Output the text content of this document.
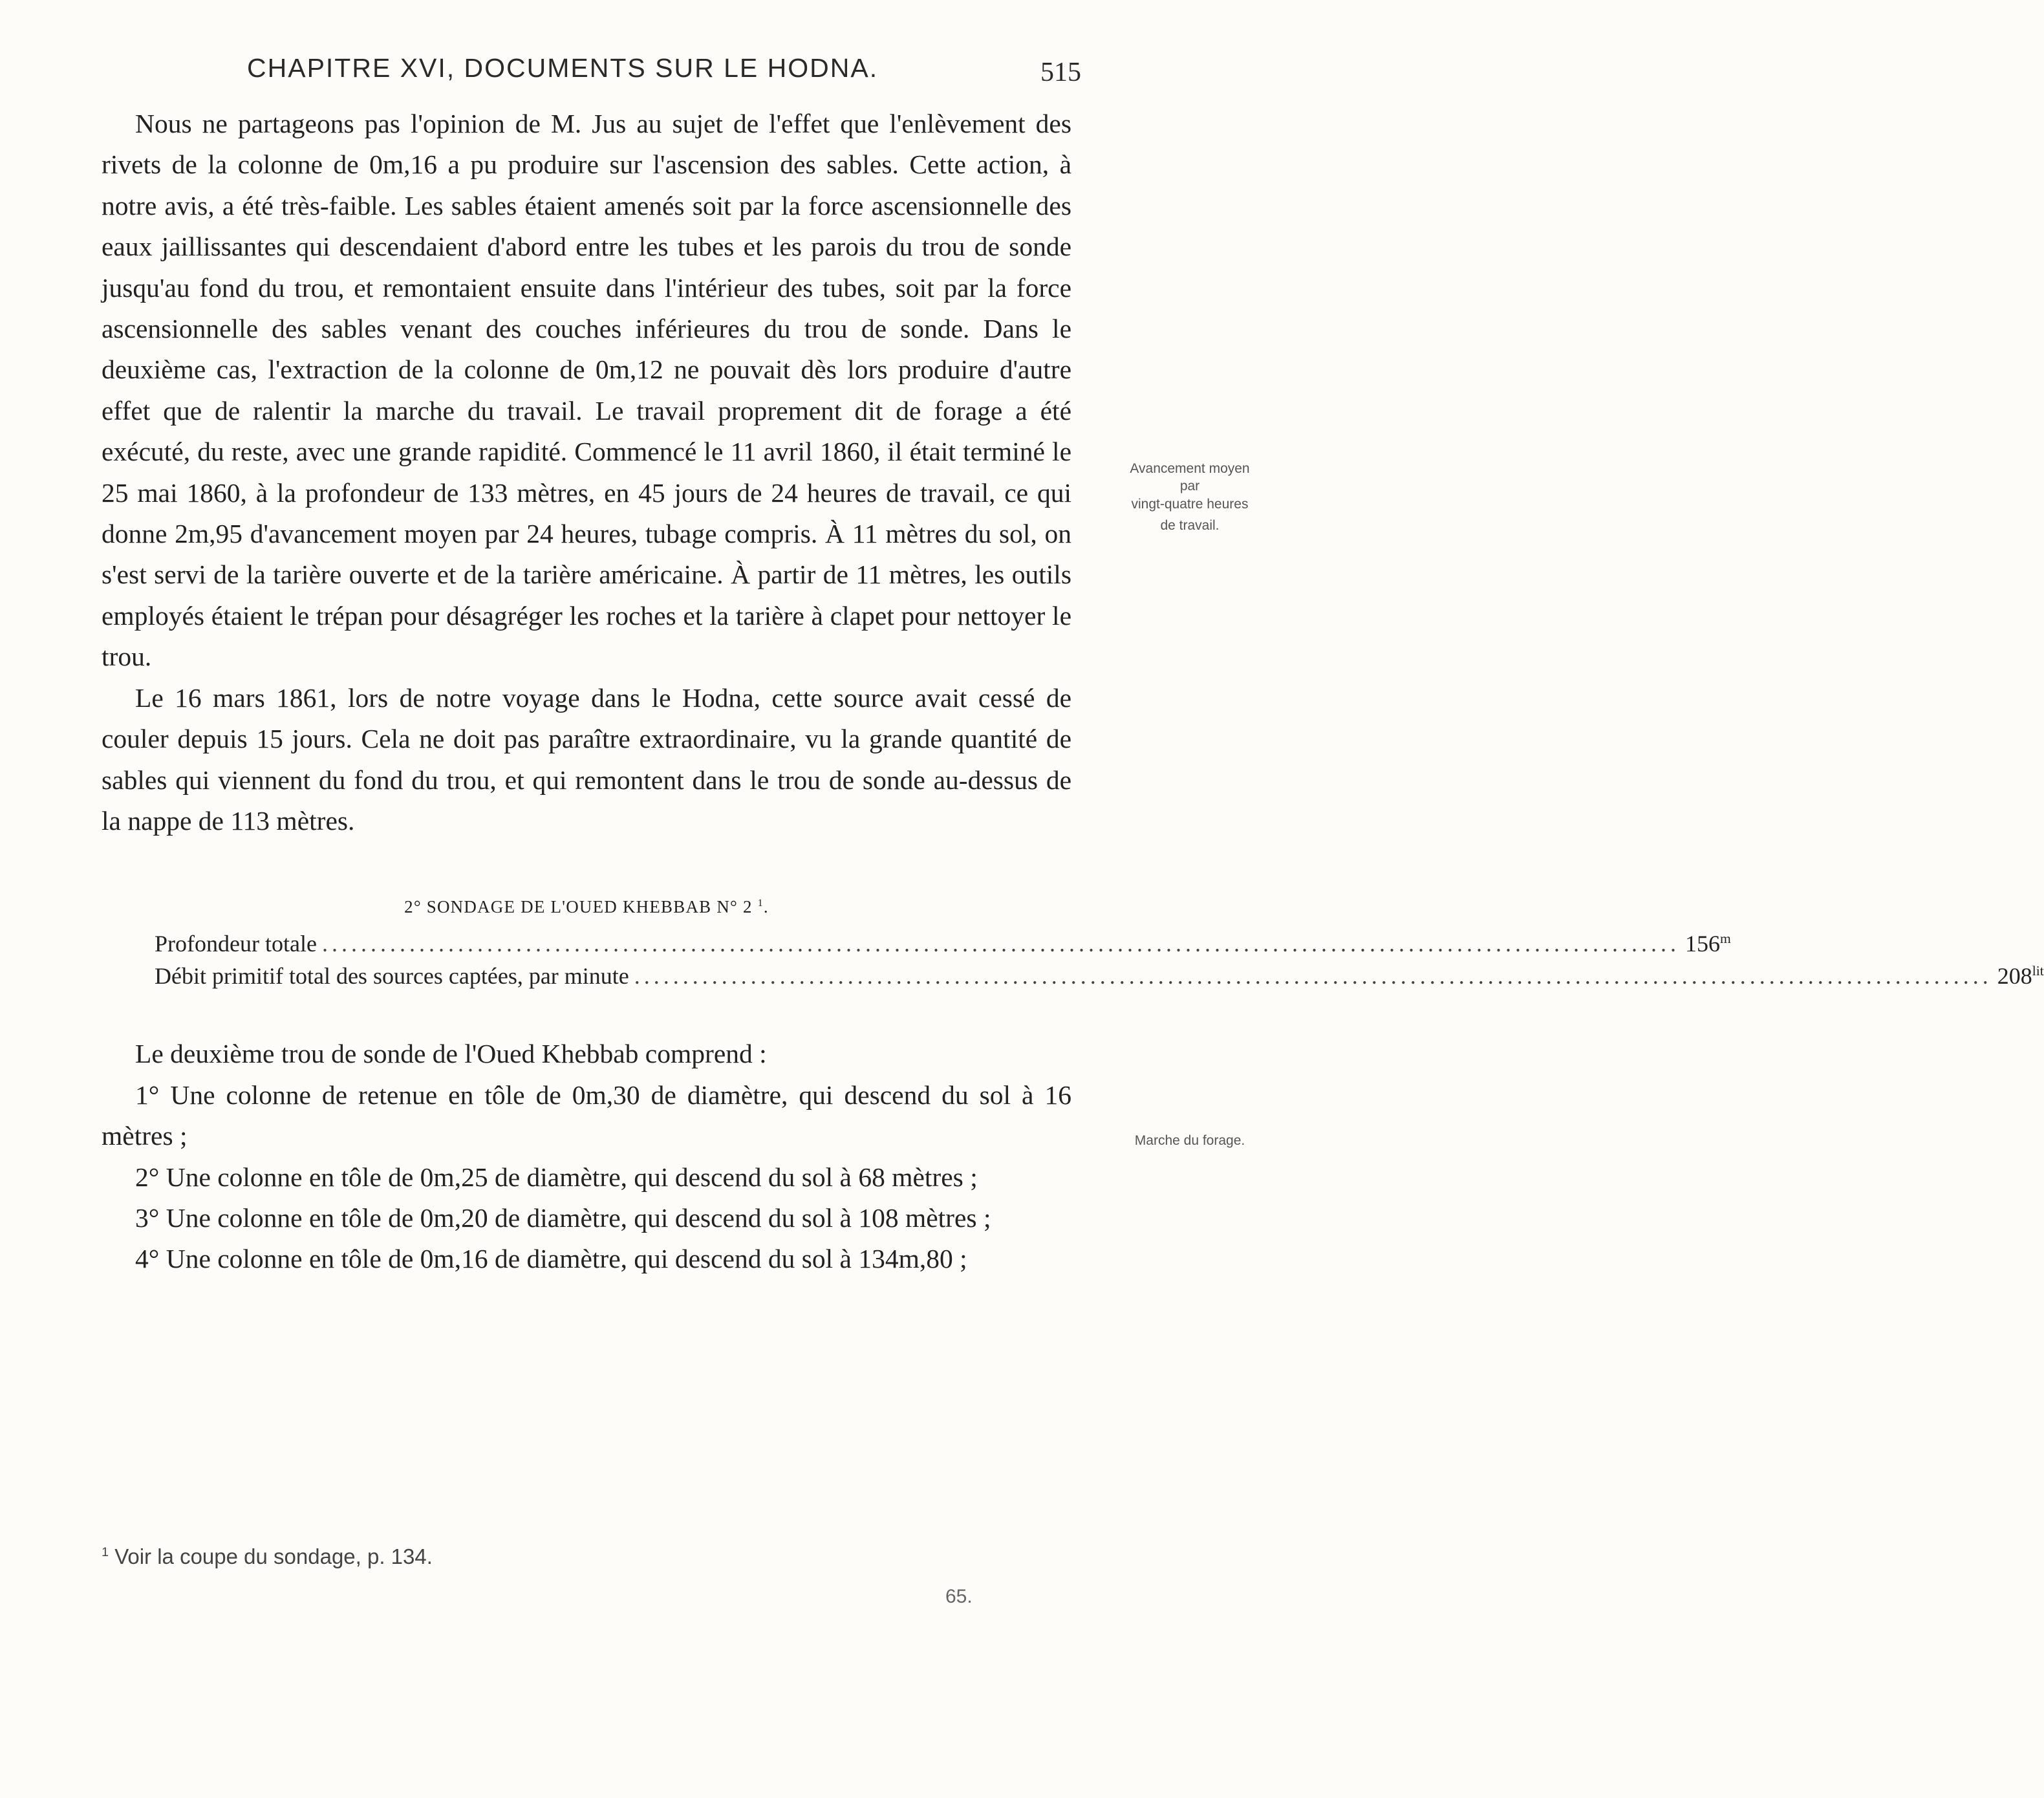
CHAPITRE XVI, DOCUMENTS SUR LE HODNA.	515

Nous ne partageons pas l'opinion de M. Jus au sujet de l'effet que l'enlèvement des rivets de la colonne de 0m,16 a pu produire sur l'ascension des sables. Cette action, à notre avis, a été très-faible. Les sables étaient amenés soit par la force ascensionnelle des eaux jaillissantes qui descendaient d'abord entre les tubes et les parois du trou de sonde jusqu'au fond du trou, et remontaient ensuite dans l'intérieur des tubes, soit par la force ascensionnelle des sables venant des couches inférieures du trou de sonde. Dans le deuxième cas, l'extraction de la colonne de 0m,12 ne pouvait dès lors produire d'autre effet que de ralentir la marche du travail. Le travail proprement dit de forage a été exécuté, du reste, avec une grande rapidité. Commencé le 11 avril 1860, il était terminé le 25 mai 1860, à la profondeur de 133 mètres, en 45 jours de 24 heures de travail, ce qui donne 2m,95 d'avancement moyen par 24 heures, tubage compris. À 11 mètres du sol, on s'est servi de la tarière ouverte et de la tarière américaine. À partir de 11 mètres, les outils employés étaient le trépan pour désagréger les roches et la tarière à clapet pour nettoyer le trou.

Le 16 mars 1861, lors de notre voyage dans le Hodna, cette source avait cessé de couler depuis 15 jours. Cela ne doit pas paraître extraordinaire, vu la grande quantité de sables qui viennent du fond du trou, et qui remontent dans le trou de sonde au-dessus de la nappe de 113 mètres.

2° SONDAGE DE L'OUED KHEBBAB N° 2 $^1$.

Profondeur totale ............................................................................................................................................ 156$^m$
Débit primitif total des sources captées, par minute ............................................................................................................................................ $208^{lit}$

Le deuxième trou de sonde de l'Oued Khebbab comprend :

1° Une colonne de retenue en tôle de 0m,30 de diamètre, qui descend du sol à 16 mètres ;

2° Une colonne en tôle de 0m,25 de diamètre, qui descend du sol à 68 mètres ;

3° Une colonne en tôle de 0m,20 de diamètre, qui descend du sol à 108 mètres ;

4° Une colonne en tôle de 0m,16 de diamètre, qui descend du sol à 134m,80 ;

Avancement moyen
par
vingt-quatre heures
de travail.
Marche du forage.
$^1$ Voir la coupe du sondage, p. 134.
65.
